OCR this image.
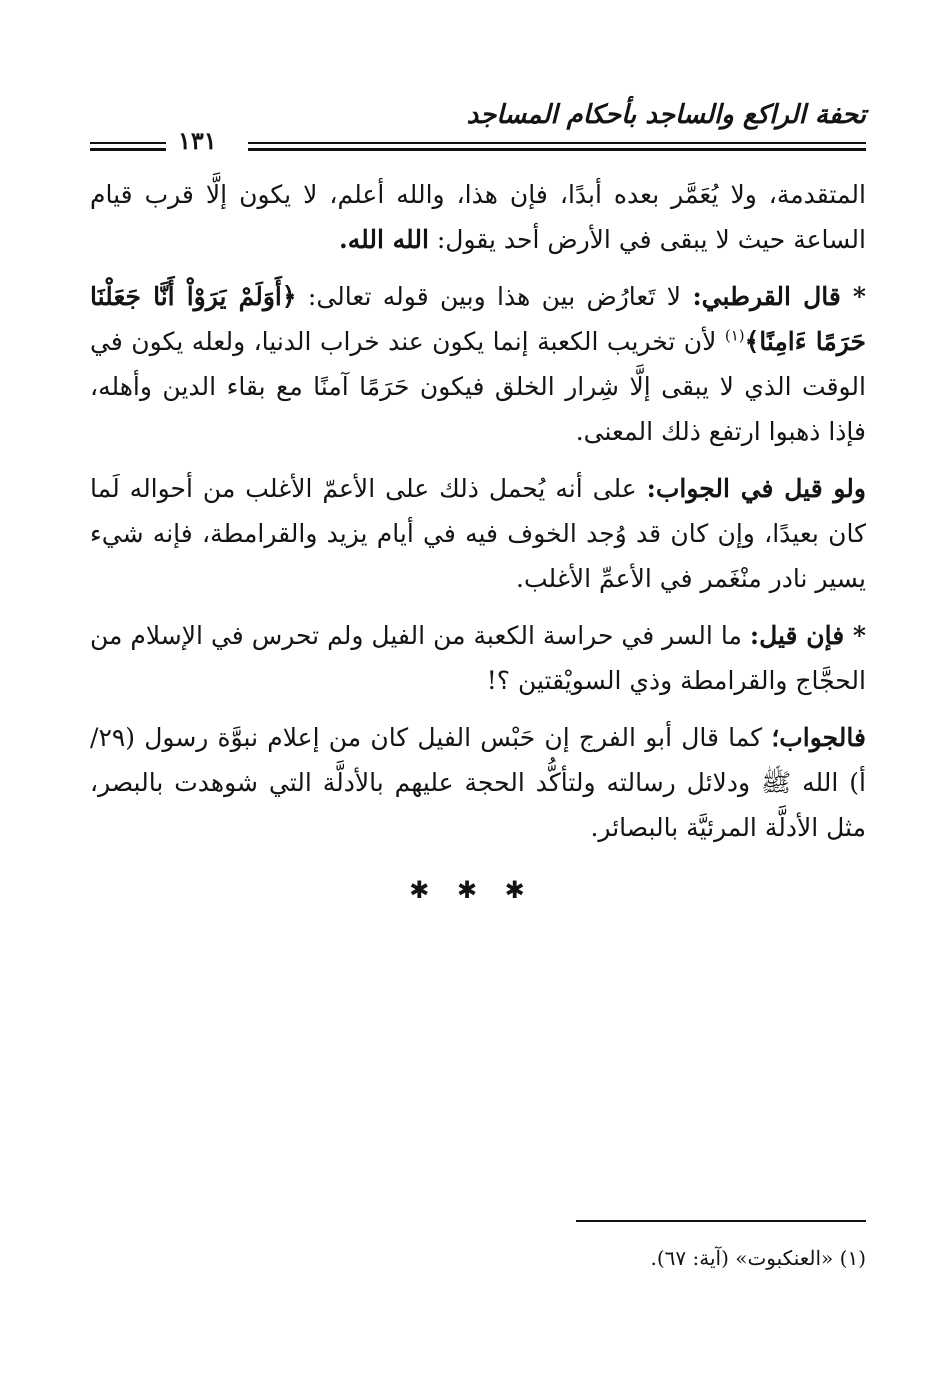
تحفة الراكع والساجد بأحكام المساجد
١٣١

المتقدمة، ولا يُعَمَّر بعده أبدًا، فإن هذا، والله أعلم، لا يكون إلَّا قرب قيام الساعة حيث لا يبقى في الأرض أحد يقول: الله الله.

* قال القرطبي: لا تَعارُض بين هذا وبين قوله تعالى: ﴿أَوَلَمْ يَرَوْاْ أَنَّا جَعَلْنَا حَرَمًا ءَامِنًا﴾$^{(١)}$ لأن تخريب الكعبة إنما يكون عند خراب الدنيا، ولعله يكون في الوقت الذي لا يبقى إلَّا شِرار الخلق فيكون حَرَمًا آمنًا مع بقاء الدين وأهله، فإذا ذهبوا ارتفع ذلك المعنى.

ولو قيل في الجواب: على أنه يُحمل ذلك على الأعمّ الأغلب من أحواله لَما كان بعيدًا، وإن كان قد وُجد الخوف فيه في أيام يزيد والقرامطة، فإنه شيء يسير نادر منْغَمر في الأعمِّ الأغلب.

* فإن قيل: ما السر في حراسة الكعبة من الفيل ولم تحرس في الإسلام من الحجَّاج والقرامطة وذي السويْقتين ؟!

فالجواب؛ كما قال أبو الفرج إن حَبْس الفيل كان من إعلام نبوَّة رسول (٢٩/أ) الله ﷺ ودلائل رسالته ولتأكُّد الحجة عليهم بالأدلَّة التي شوهدت بالبصر، مثل الأدلَّة المرئيَّة بالبصائر.

✱ ✱ ✱
(١) «العنكبوت» (آية: ٦٧).
